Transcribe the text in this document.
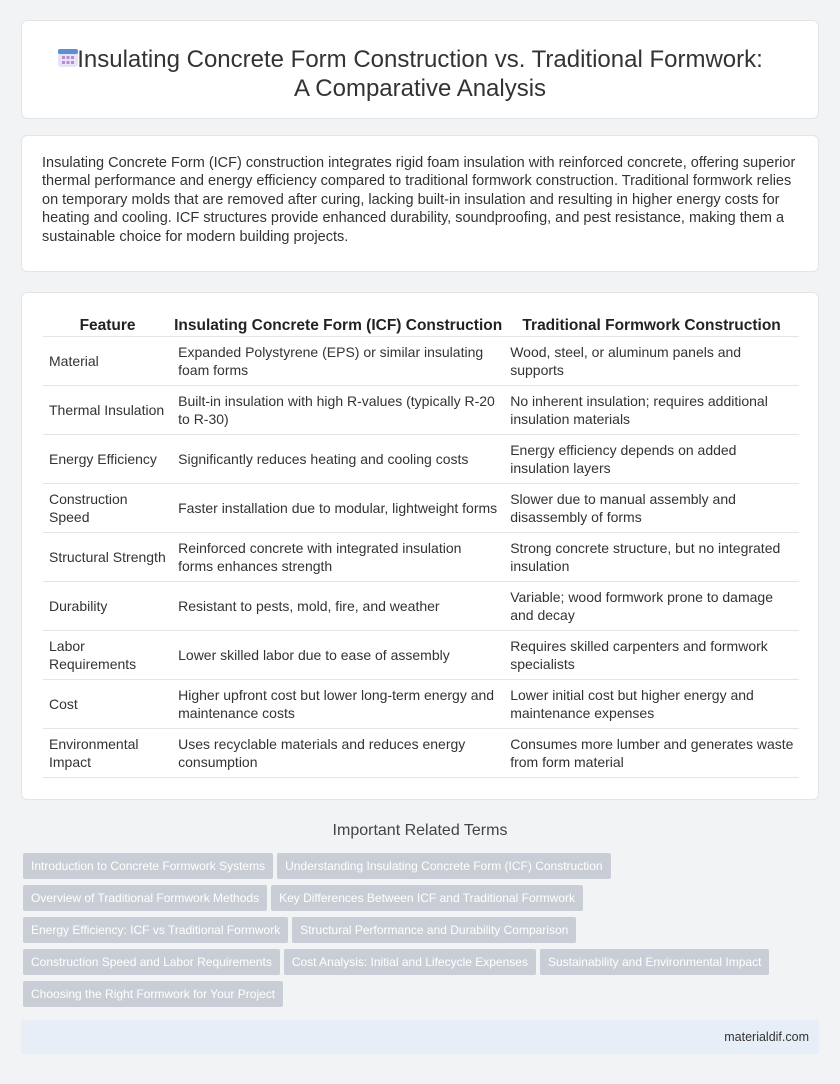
Insulating Concrete Form Construction vs. Traditional Formwork:
A Comparative Analysis

Insulating Concrete Form (ICF) construction integrates rigid foam insulation with reinforced concrete, offering superior thermal performance and energy efficiency compared to traditional formwork construction. Traditional formwork relies on temporary molds that are removed after curing, lacking built-in insulation and resulting in higher energy costs for heating and cooling. ICF structures provide enhanced durability, soundproofing, and pest resistance, making them a sustainable choice for modern building projects.

Feature	Insulating Concrete Form (ICF) Construction	Traditional Formwork Construction
Material	Expanded Polystyrene (EPS) or similar insulating foam forms	Wood, steel, or aluminum panels and supports
Thermal Insulation	Built-in insulation with high R-values (typically R-20 to R-30)	No inherent insulation; requires additional insulation materials
Energy Efficiency	Significantly reduces heating and cooling costs	Energy efficiency depends on added insulation layers
Construction Speed	Faster installation due to modular, lightweight forms	Slower due to manual assembly and disassembly of forms
Structural Strength	Reinforced concrete with integrated insulation forms enhances strength	Strong concrete structure, but no integrated insulation
Durability	Resistant to pests, mold, fire, and weather	Variable; wood formwork prone to damage and decay
Labor Requirements	Lower skilled labor due to ease of assembly	Requires skilled carpenters and formwork specialists
Cost	Higher upfront cost but lower long-term energy and maintenance costs	Lower initial cost but higher energy and maintenance expenses
Environmental Impact	Uses recyclable materials and reduces energy consumption	Consumes more lumber and generates waste from form material
Important Related Terms
Introduction to Concrete Formwork Systems Understanding Insulating Concrete Form (ICF) Construction
Overview of Traditional Formwork Methods Key Differences Between ICF and Traditional Formwork
Energy Efficiency: ICF vs Traditional Formwork Structural Performance and Durability Comparison
Construction Speed and Labor Requirements Cost Analysis: Initial and Lifecycle Expenses Sustainability and Environmental Impact
Choosing the Right Formwork for Your Project
materialdif.com
